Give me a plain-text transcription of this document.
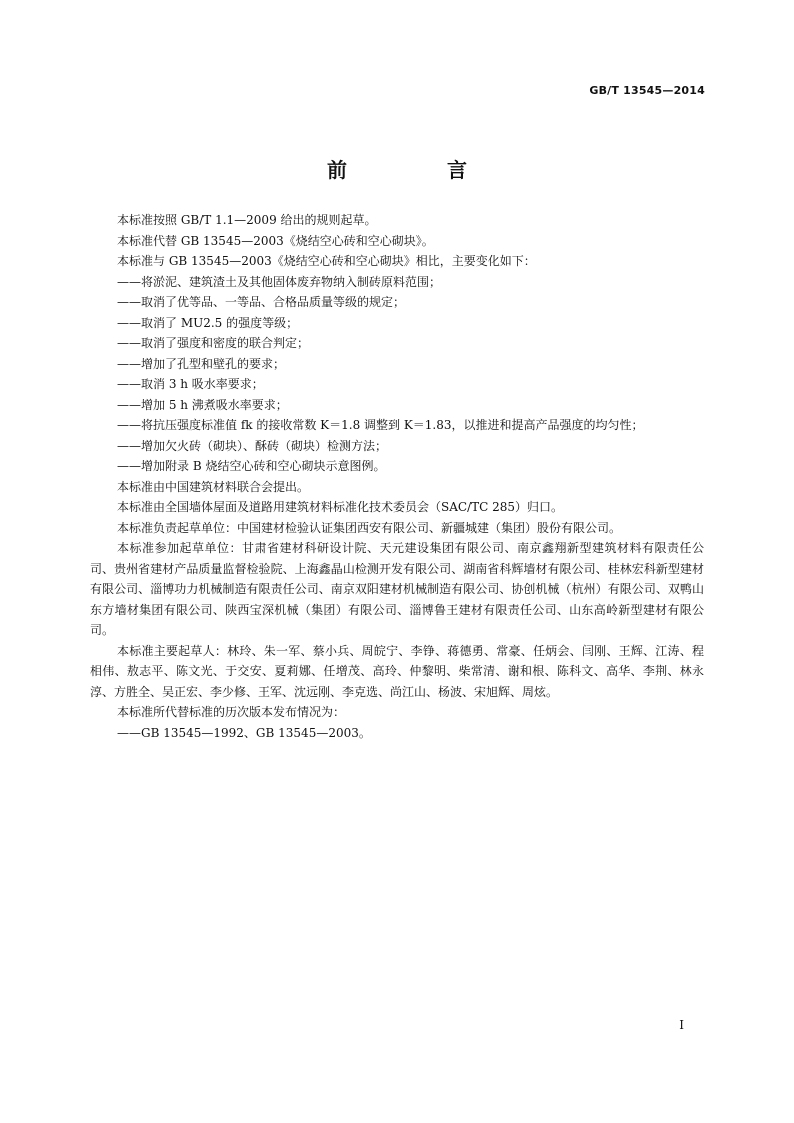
GB/T 13545—2014
前　言

本标准按照 GB/T 1.1—2009 给出的规则起草。

本标准代替 GB 13545—2003《烧结空心砖和空心砌块》。

本标准与 GB 13545—2003《烧结空心砖和空心砌块》相比，主要变化如下：

——将淤泥、建筑渣土及其他固体废弃物纳入制砖原料范围；

——取消了优等品、一等品、合格品质量等级的规定；

——取消了 MU2.5 的强度等级；

——取消了强度和密度的联合判定；

——增加了孔型和壁孔的要求；

——取消 3 h 吸水率要求；

——增加 5 h 沸煮吸水率要求；

——将抗压强度标准值 fk 的接收常数 K＝1.8 调整到 K＝1.83，以推进和提高产品强度的均匀性；

——增加欠火砖（砌块）、酥砖（砌块）检测方法；

——增加附录 B 烧结空心砖和空心砌块示意图例。

本标准由中国建筑材料联合会提出。

本标准由全国墙体屋面及道路用建筑材料标准化技术委员会（SAC/TC 285）归口。

本标准负责起草单位：中国建材检验认证集团西安有限公司、新疆城建（集团）股份有限公司。

本标准参加起草单位：甘肃省建材科研设计院、天元建设集团有限公司、南京鑫翔新型建筑材料有限责任公司、贵州省建材产品质量监督检验院、上海鑫晶山检测开发有限公司、湖南省科辉墙材有限公司、桂林宏科新型建材有限公司、淄博功力机械制造有限责任公司、南京双阳建材机械制造有限公司、协创机械（杭州）有限公司、双鸭山东方墙材集团有限公司、陕西宝深机械（集团）有限公司、淄博鲁王建材有限责任公司、山东高岭新型建材有限公司。

本标准主要起草人：林玲、朱一军、蔡小兵、周皖宁、李铮、蒋德勇、常豪、任炳会、闫刚、王辉、江涛、程相伟、敖志平、陈文光、于交安、夏莉娜、任增茂、高玲、仲黎明、柴常清、谢和根、陈科文、高华、李荆、林永淳、方胜全、吴正宏、李少修、王军、沈远刚、李克选、尚江山、杨波、宋旭辉、周炫。

本标准所代替标准的历次版本发布情况为：

——GB 13545—1992、GB 13545—2003。

I
